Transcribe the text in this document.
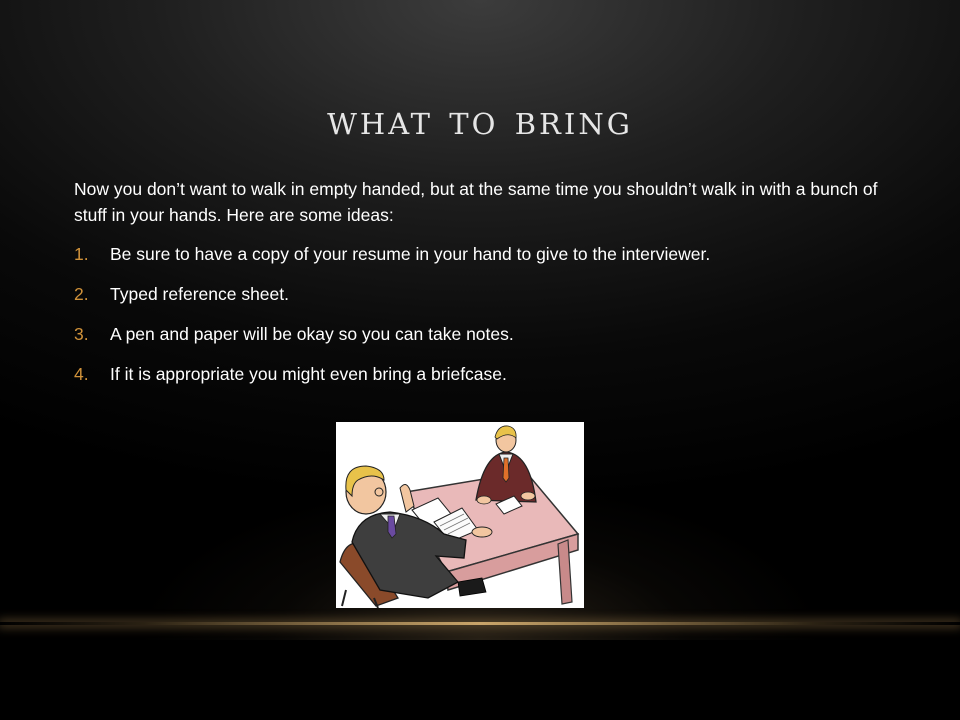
what to bring
Now you don’t want to walk in empty handed, but at the same time you shouldn’t walk in with a bunch of stuff in your hands. Here are some ideas:
1. Be sure to have a copy of your resume in your hand to give to the interviewer.
2. Typed reference sheet.
3. A pen and paper will be okay so you can take notes.
4. If it is appropriate you might even bring a briefcase.
